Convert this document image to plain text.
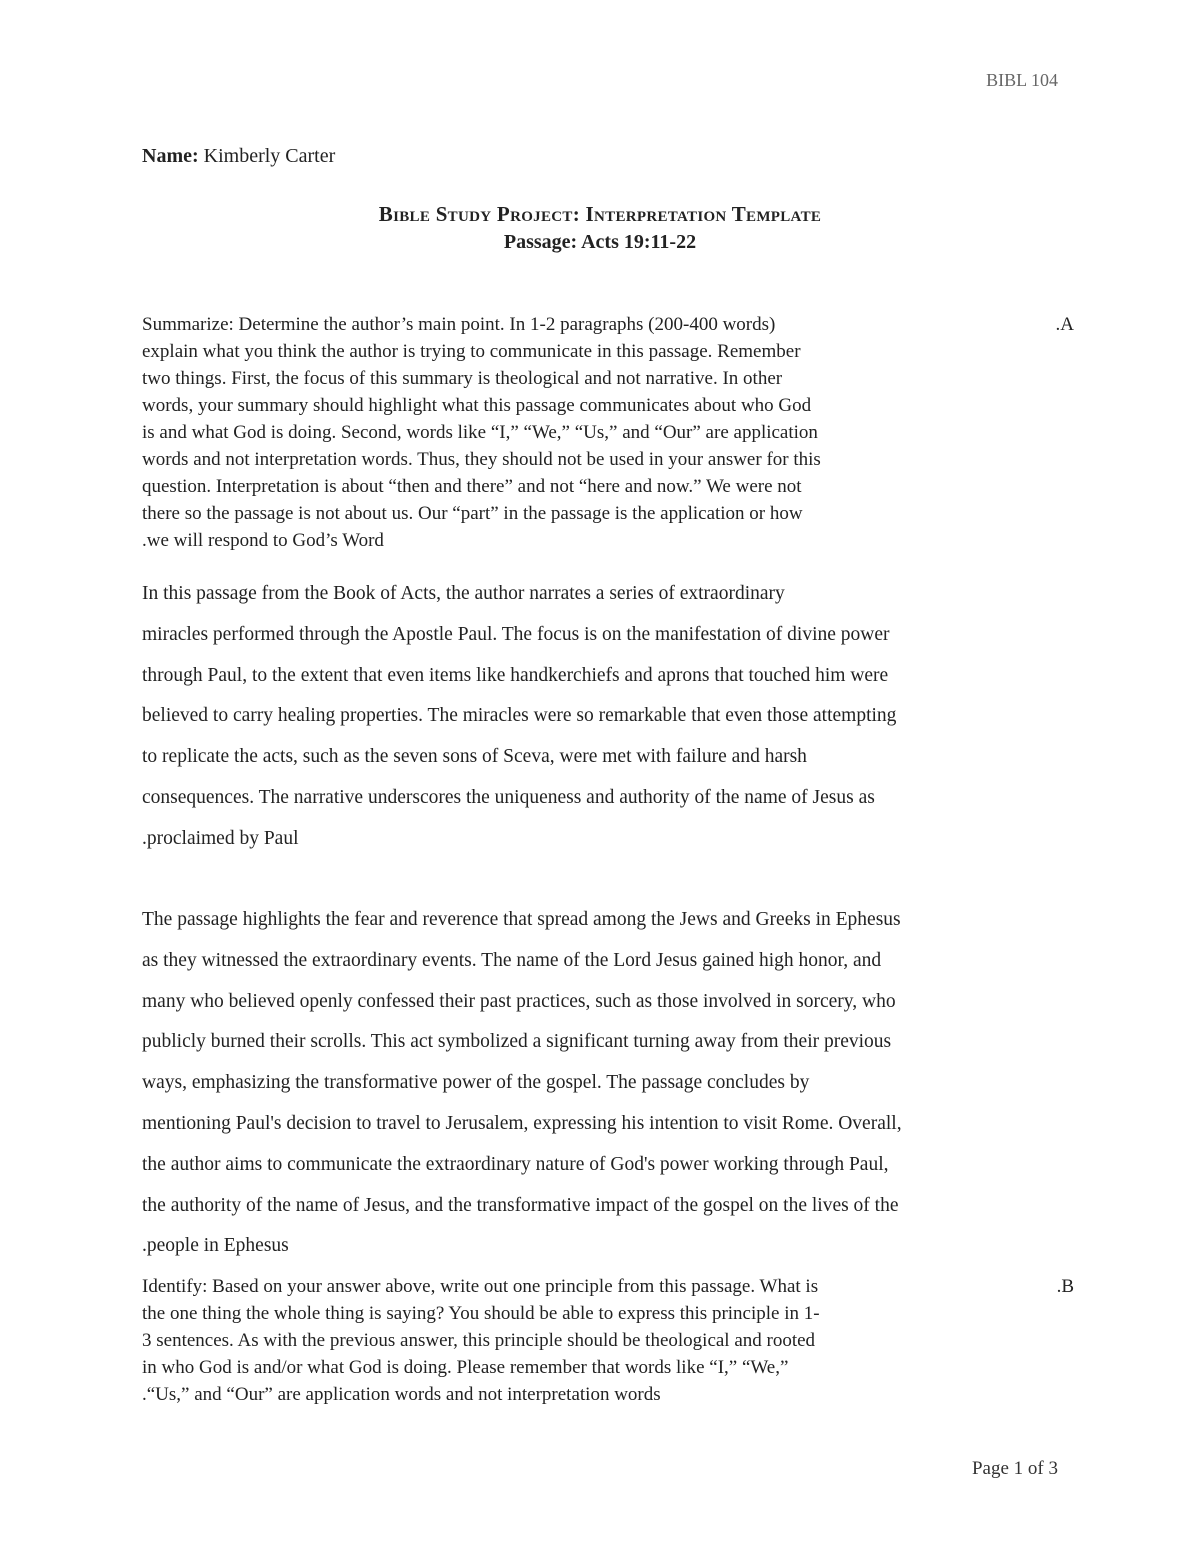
BIBL 104
Name: Kimberly Carter
Bible Study Project: Interpretation Template
Passage: Acts 19:11-22
.A
Summarize: Determine the author’s main point. In 1-2 paragraphs (200-400 words)
explain what you think the author is trying to communicate in this passage. Remember
two things. First, the focus of this summary is theological and not narrative. In other
words, your summary should highlight what this passage communicates about who God
is and what God is doing. Second, words like “I,” “We,” “Us,” and “Our” are application
words and not interpretation words. Thus, they should not be used in your answer for this
question. Interpretation is about “then and there” and not “here and now.” We were not
there so the passage is not about us. Our “part” in the passage is the application or how
.we will respond to God’s Word

In this passage from the Book of Acts, the author narrates a series of extraordinary

miracles performed through the Apostle Paul. The focus is on the manifestation of divine power

through Paul, to the extent that even items like handkerchiefs and aprons that touched him were

believed to carry healing properties. The miracles were so remarkable that even those attempting

to replicate the acts, such as the seven sons of Sceva, were met with failure and harsh

consequences. The narrative underscores the uniqueness and authority of the name of Jesus as

.proclaimed by Paul

The passage highlights the fear and reverence that spread among the Jews and Greeks in Ephesus

as they witnessed the extraordinary events. The name of the Lord Jesus gained high honor, and

many who believed openly confessed their past practices, such as those involved in sorcery, who

publicly burned their scrolls. This act symbolized a significant turning away from their previous

ways, emphasizing the transformative power of the gospel. The passage concludes by

mentioning Paul's decision to travel to Jerusalem, expressing his intention to visit Rome. Overall,

the author aims to communicate the extraordinary nature of God's power working through Paul,

the authority of the name of Jesus, and the transformative impact of the gospel on the lives of the

.people in Ephesus

.B
Identify: Based on your answer above, write out one principle from this passage. What is
the one thing the whole thing is saying? You should be able to express this principle in 1-
3 sentences. As with the previous answer, this principle should be theological and rooted
in who God is and/or what God is doing. Please remember that words like “I,” “We,”
.“Us,” and “Our” are application words and not interpretation words
Page 1 of 3
